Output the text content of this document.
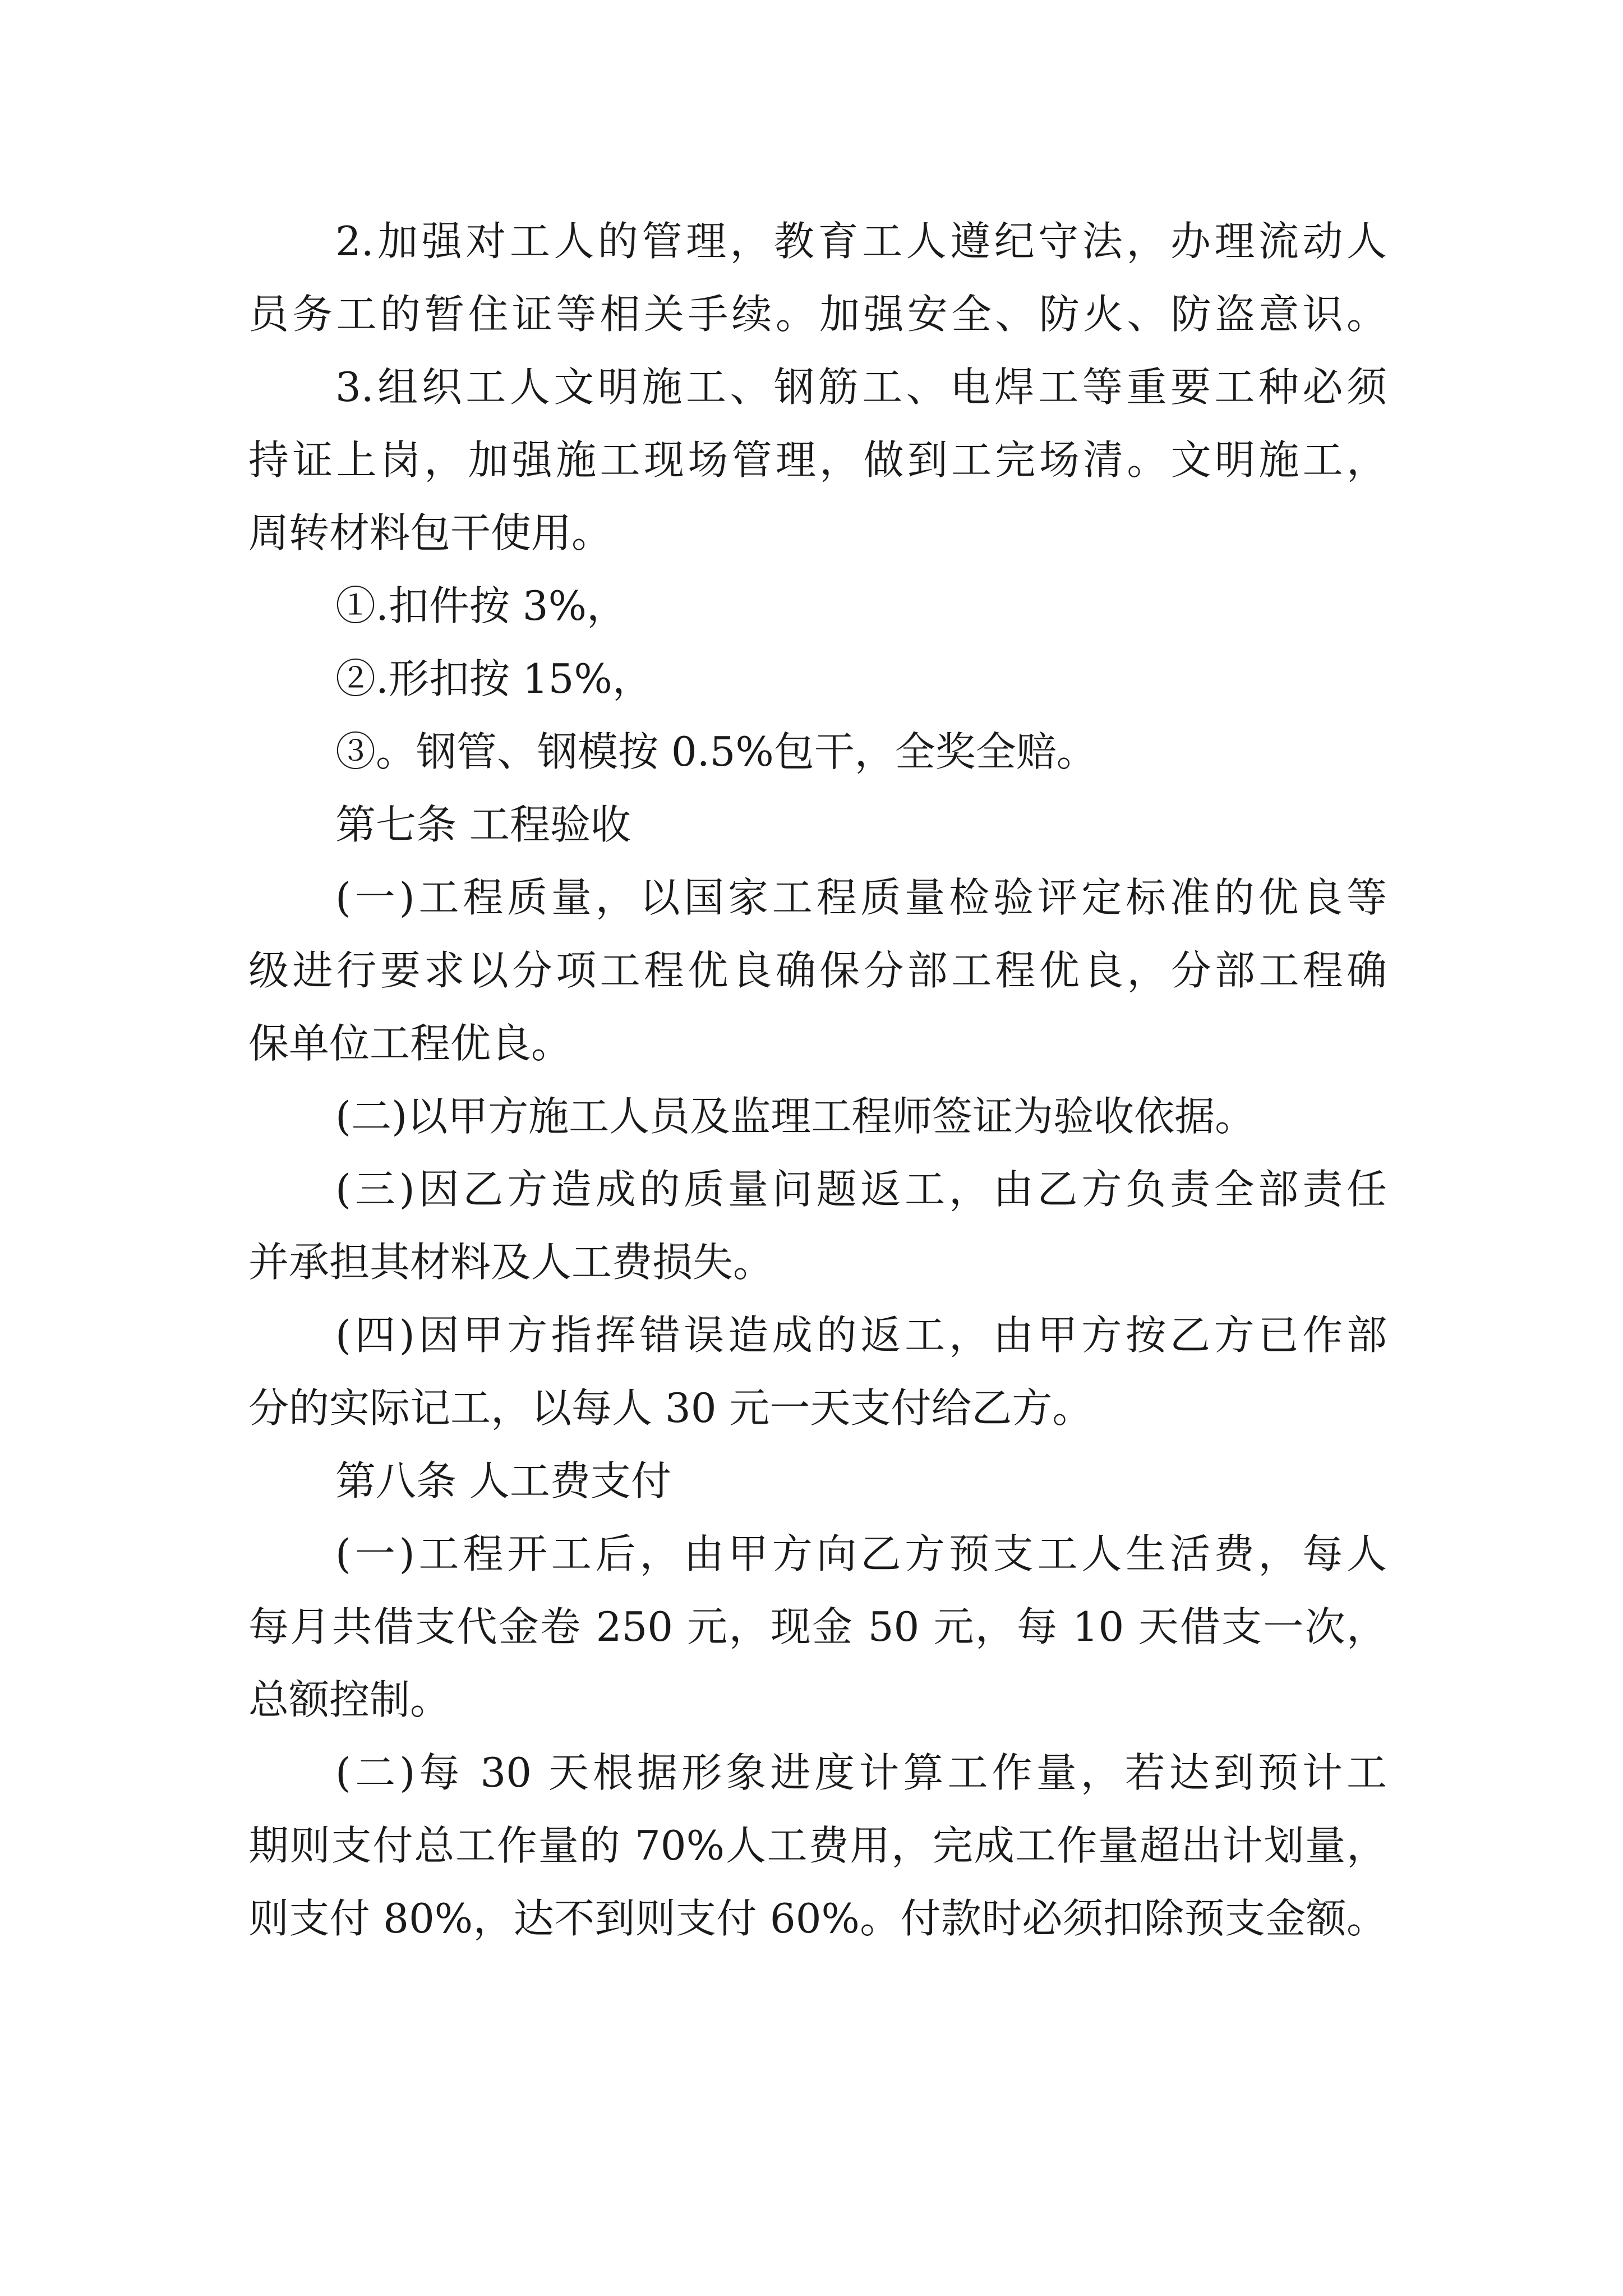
2.加强对工人的管理，教育工人遵纪守法，办理流动人

员务工的暂住证等相关手续。加强安全、防火、防盗意识。

3.组织工人文明施工、钢筋工、电焊工等重要工种必须

持证上岗，加强施工现场管理，做到工完场清。文明施工，

周转材料包干使用。

①.扣件按 3%，

②.形扣按 15%，

③。钢管、钢模按 0.5%包干，全奖全赔。

第七条 工程验收

(一)工程质量，以国家工程质量检验评定标准的优良等

级进行要求以分项工程优良确保分部工程优良，分部工程确

保单位工程优良。

(二)以甲方施工人员及监理工程师签证为验收依据。

(三)因乙方造成的质量问题返工，由乙方负责全部责任

并承担其材料及人工费损失。

(四)因甲方指挥错误造成的返工，由甲方按乙方已作部

分的实际记工，以每人 30 元一天支付给乙方。

第八条 人工费支付

(一)工程开工后，由甲方向乙方预支工人生活费，每人

每月共借支代金卷 250 元，现金 50 元，每 10 天借支一次，

总额控制。

(二)每 30 天根据形象进度计算工作量，若达到预计工

期则支付总工作量的 70%人工费用，完成工作量超出计划量，

则支付 80%，达不到则支付 60%。付款时必须扣除预支金额。
